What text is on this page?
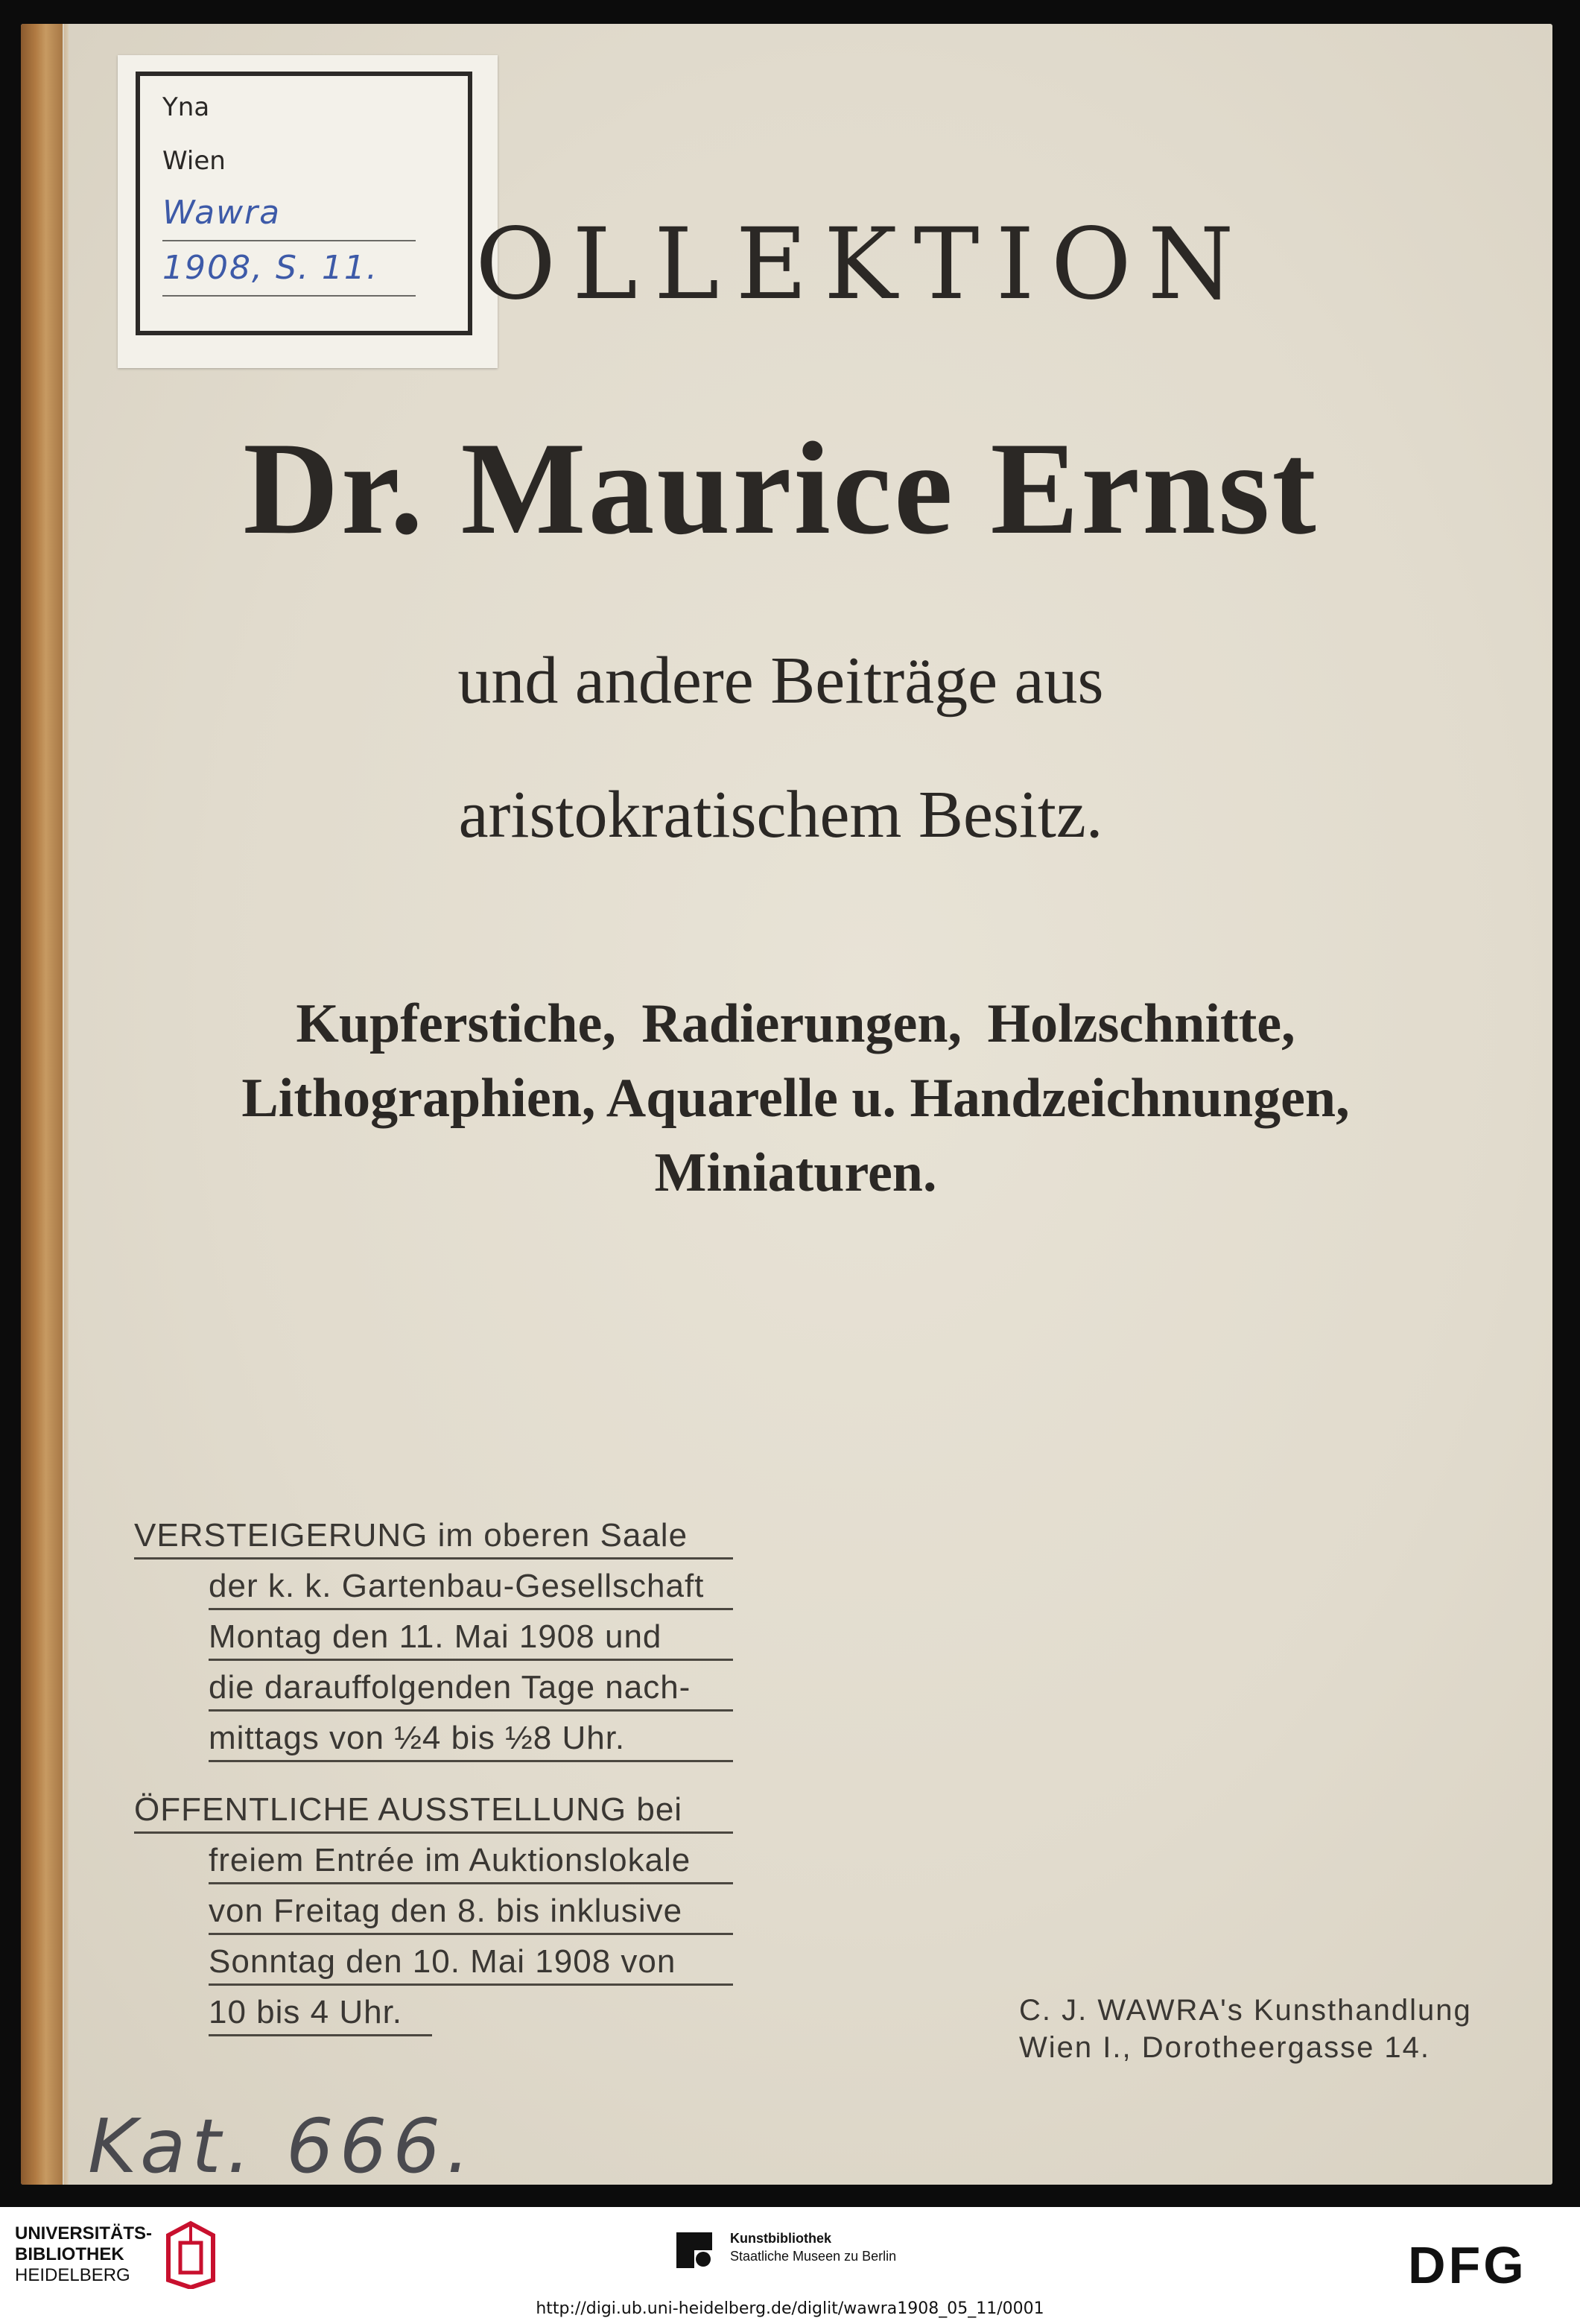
Yna
Wien
Wawra
1908, S. 11. OLLEKTION
Dr. Maurice Ernst
und andere Beiträge aus
aristokratischem Besitz.
Kupferstiche, Radierungen, Holzschnitte,
Lithographien, Aquarelle u. Handzeichnungen,
Miniaturen.
VERSTEIGERUNG im oberen Saale
der k. k. Gartenbau-Gesellschaft
Montag den 11. Mai 1908 und
die darauffolgenden Tage nach-
mittags von ½4 bis ½8 Uhr.
ÖFFENTLICHE AUSSTELLUNG bei
freiem Entrée im Auktionslokale
von Freitag den 8. bis inklusive
Sonntag den 10. Mai 1908 von
10 bis 4 Uhr.	C. J. WAWRA's Kunsthandlung
Wien I., Dorotheergasse 14.
Kat. 666.
UNIVERSITÄTS-
BIBLIOTHEK
HEIDELBERG
Kunstbibliothek
Staatliche Museen zu Berlin	DFG
http://digi.ub.uni-heidelberg.de/diglit/wawra1908_05_11/0001
